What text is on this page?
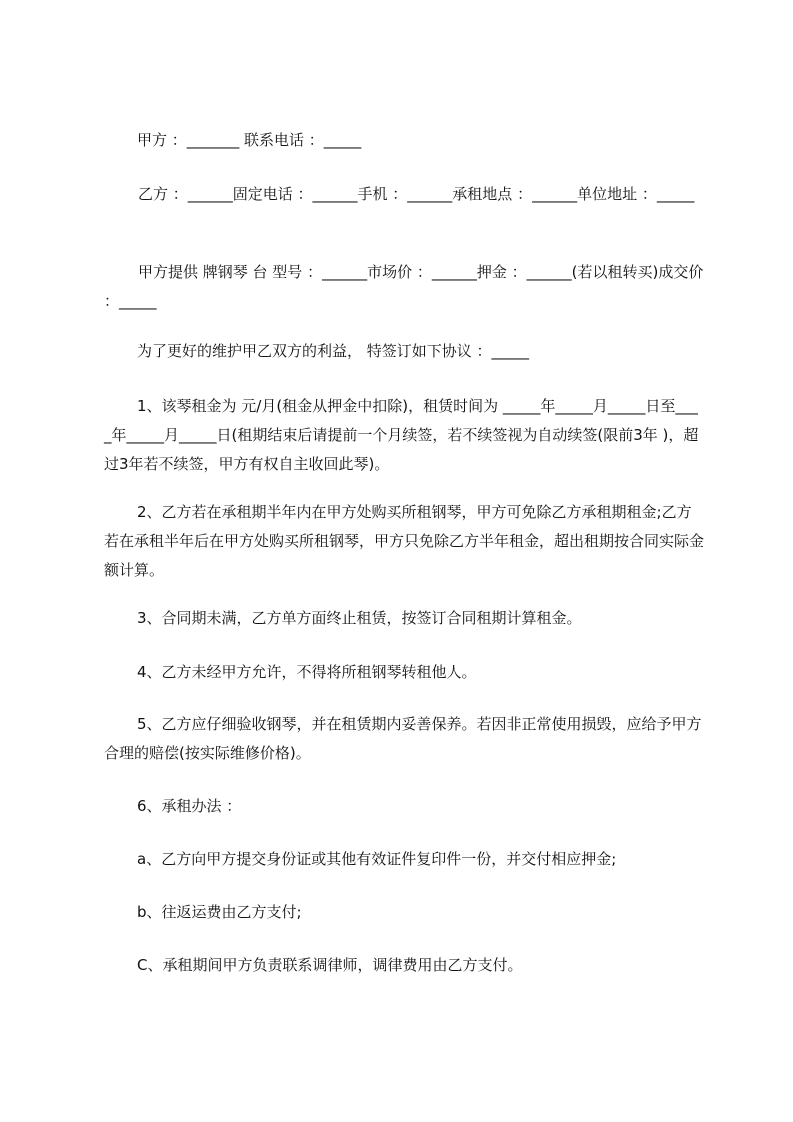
甲方 ：_______ 联系电话 ：_____

乙方 ：______固定电话 ：______手机 ：______承租地点 ：______单位地址 ：_____

甲方提供 牌钢琴 台 型号 ：______市场价 ：______押金 ：______(若以租转买)成交价 ：_____

为了更好的维护甲乙双方的利益， 特签订如下协议 ：_____

1、该琴租金为 元/月(租金从押金中扣除)，租赁时间为 _____年_____月_____日至____年_____月_____日(租期结束后请提前一个月续签，若不续签视为自动续签(限前3年 )，超过3年若不续签，甲方有权自主收回此琴)。

2、乙方若在承租期半年内在甲方处购买所租钢琴，甲方可免除乙方承租期租金;乙方若在承租半年后在甲方处购买所租钢琴，甲方只免除乙方半年租金，超出租期按合同实际金额计算。

3、合同期未满，乙方单方面终止租赁，按签订合同租期计算租金。

4、乙方未经甲方允许，不得将所租钢琴转租他人。

5、乙方应仔细验收钢琴，并在租赁期内妥善保养。若因非正常使用损毁，应给予甲方合理的赔偿(按实际维修价格)。

6、承租办法 ：

a、乙方向甲方提交身份证或其他有效证件复印件一份，并交付相应押金;

b、往返运费由乙方支付;

C、承租期间甲方负责联系调律师，调律费用由乙方支付。
